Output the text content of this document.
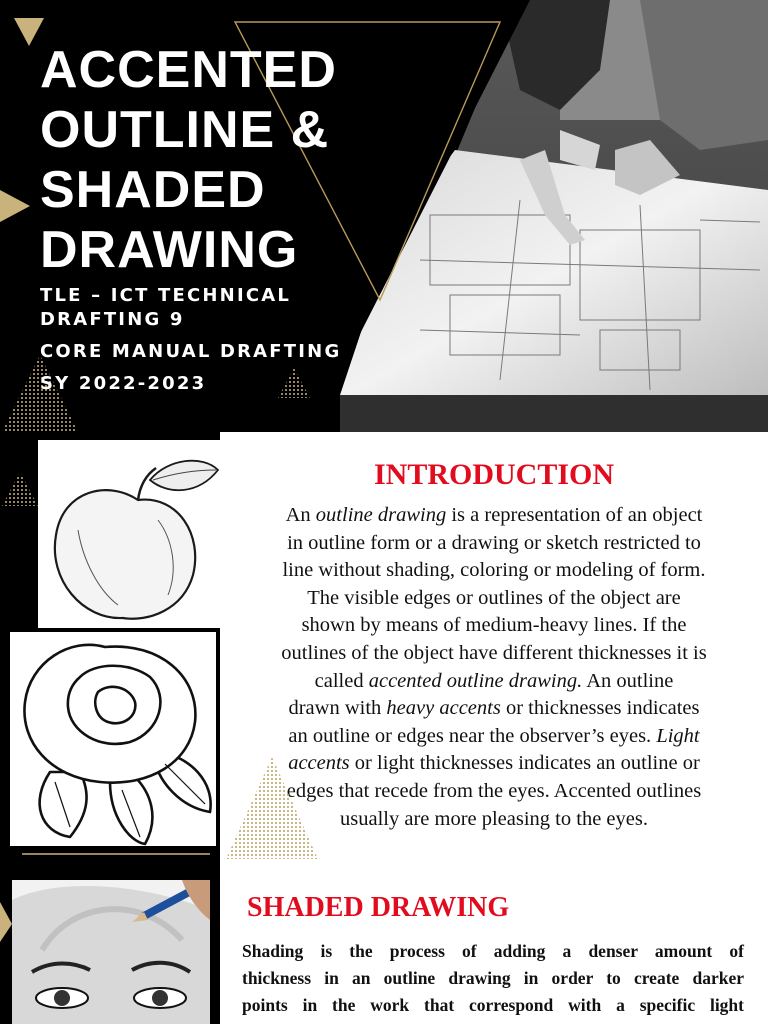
ACCENTED
OUTLINE &
SHADED
DRAWING
TLE – ICT TECHNICAL
DRAFTING 9
CORE MANUAL DRAFTING
SY 2022-2023
INTRODUCTION
An outline drawing is a representation of an object
in outline form or a drawing or sketch restricted to
line without shading, coloring or modeling of form.
The visible edges or outlines of the object are
shown by means of medium-heavy lines. If the
outlines of the object have different thicknesses it is
called accented outline drawing. An outline
drawn with heavy accents or thicknesses indicates
an outline or edges near the observer’s eyes. Light
accents or light thicknesses indicates an outline or
edges that recede from the eyes. Accented outlines
usually are more pleasing to the eyes.
SHADED DRAWING
Shading is the process of adding a denser amount of
thickness in an outline drawing in order to create darker
points in the work that correspond with a specific light
